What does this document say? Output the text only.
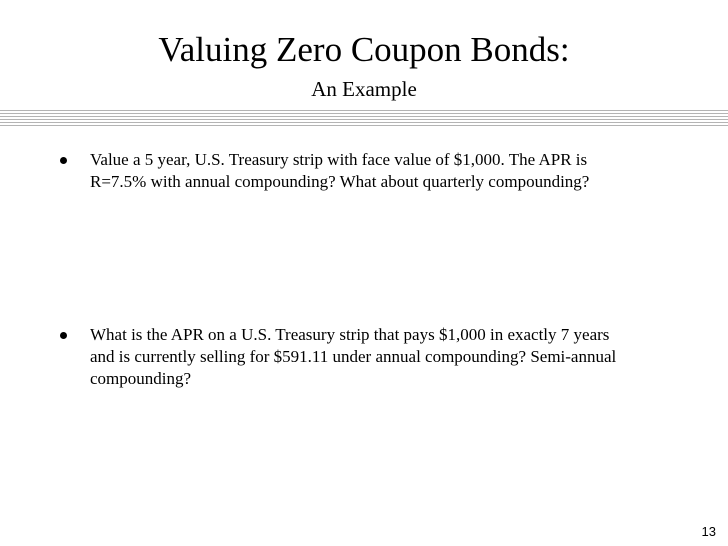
Valuing Zero Coupon Bonds:
An Example
Value a 5 year, U.S. Treasury strip with face value of $1,000. The APR is
R=7.5% with annual compounding? What about quarterly compounding?
What is the APR on a U.S. Treasury strip that pays $1,000 in exactly 7 years
and is currently selling for $591.11 under annual compounding? Semi-annual
compounding?
13
